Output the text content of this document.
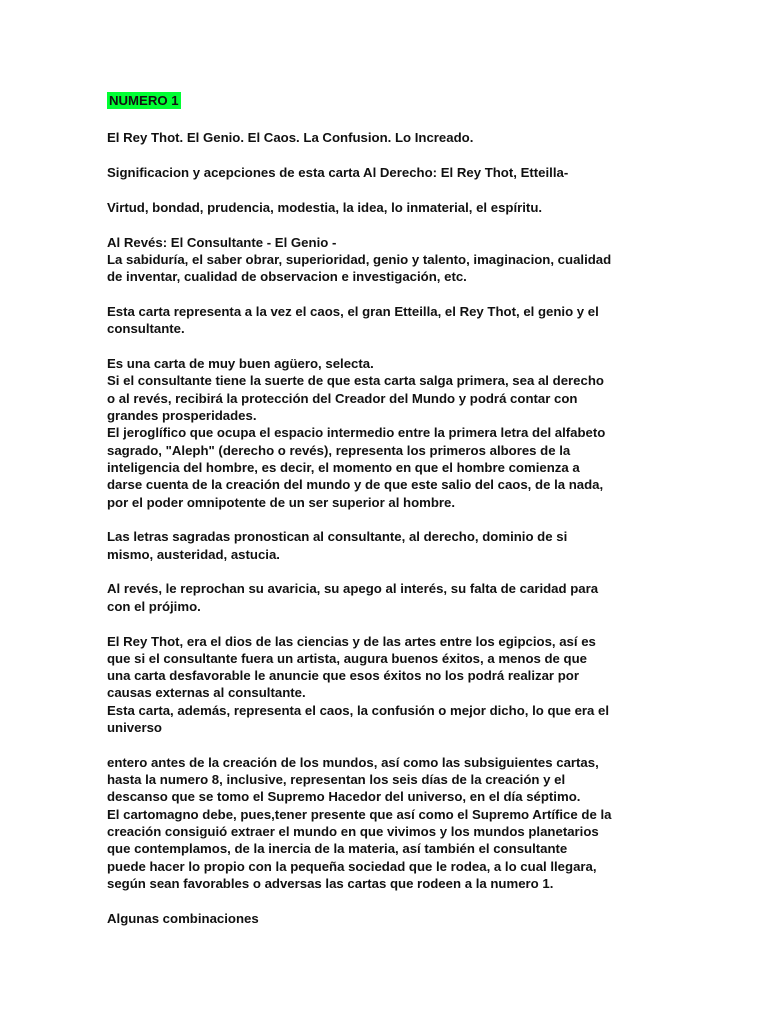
NUMERO 1
El Rey Thot. El Genio. El Caos. La Confusion. Lo Increado.
Significacion y acepciones de esta carta Al Derecho: El Rey Thot, Etteilla-
Virtud, bondad, prudencia, modestia, la idea, lo inmaterial, el espíritu.
Al Revés: El Consultante - El Genio -
La sabiduría, el saber obrar, superioridad, genio y talento, imaginacion, cualidad
de inventar, cualidad de observacion e investigación, etc.
Esta carta representa a la vez el caos, el gran Etteilla, el Rey Thot, el genio y el
consultante.
Es una carta de muy buen agüero, selecta.
Si el consultante tiene la suerte de que esta carta salga primera, sea al derecho
o al revés, recibirá la protección del Creador del Mundo y podrá contar con
grandes prosperidades.
El jeroglífico que ocupa el espacio intermedio entre la primera letra del alfabeto
sagrado, "Aleph" (derecho o revés), representa los primeros albores de la
inteligencia del hombre, es decir, el momento en que el hombre comienza a
darse cuenta de la creación del mundo y de que este salio del caos, de la nada,
por el poder omnipotente de un ser superior al hombre.
Las letras sagradas pronostican al consultante, al derecho, dominio de si
mismo, austeridad, astucia.
Al revés, le reprochan su avaricia, su apego al interés, su falta de caridad para
con el prójimo.
El Rey Thot, era el dios de las ciencias y de las artes entre los egipcios, así es
que si el consultante fuera un artista, augura buenos éxitos, a menos de que
una carta desfavorable le anuncie que esos éxitos no los podrá realizar por
causas externas al consultante.
Esta carta, además, representa el caos, la confusión o mejor dicho, lo que era el
universo
entero antes de la creación de los mundos, así como las subsiguientes cartas,
hasta la numero 8, inclusive, representan los seis días de la creación y el
descanso que se tomo el Supremo Hacedor del universo, en el día séptimo.
El cartomagno debe, pues,tener presente que así como el Supremo Artífice de la
creación consiguió extraer el mundo en que vivimos y los mundos planetarios
que contemplamos, de la inercia de la materia, así también el consultante
puede hacer lo propio con la pequeña sociedad que le rodea, a lo cual llegara,
según sean favorables o adversas las cartas que rodeen a la numero 1.
Algunas combinaciones
